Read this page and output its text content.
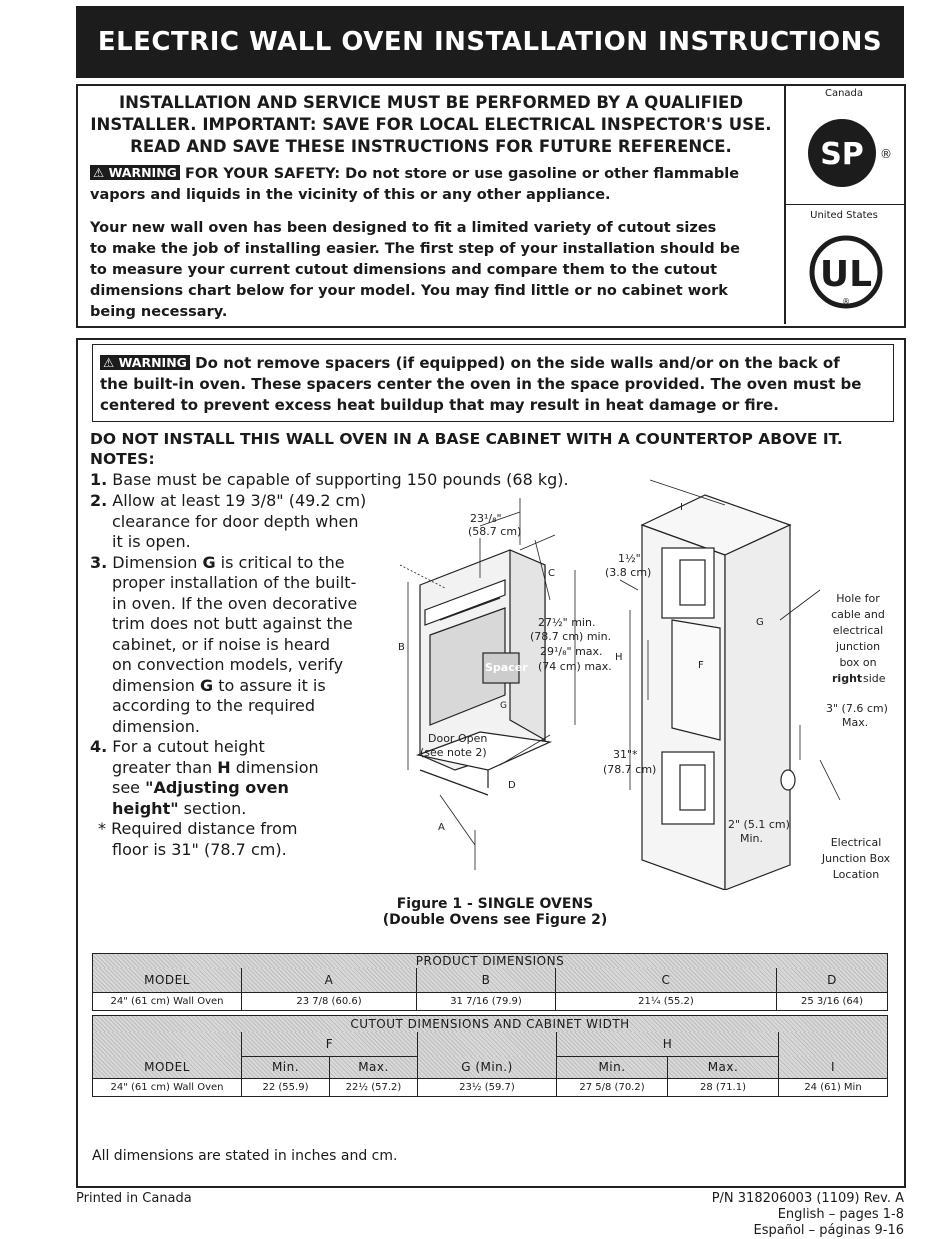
ELECTRIC WALL OVEN INSTALLATION INSTRUCTIONS
INSTALLATION AND SERVICE MUST BE PERFORMED BY A QUALIFIED
INSTALLER. IMPORTANT: SAVE FOR LOCAL ELECTRICAL INSPECTOR'S USE.
READ AND SAVE THESE INSTRUCTIONS FOR FUTURE REFERENCE.
⚠ WARNING FOR YOUR SAFETY: Do not store or use gasoline or other flammable
vapors and liquids in the vicinity of this or any other appliance.
Your new wall oven has been designed to fit a limited variety of cutout sizes
to make the job of installing easier. The first step of your installation should be
to measure your current cutout dimensions and compare them to the cutout
dimensions chart below for your model. You may find little or no cabinet work
being necessary.
Canada
SP ®
United States
UL
®
⚠ WARNING Do not remove spacers (if equipped) on the side walls and/or on the back of
the built-in oven. These spacers center the oven in the space provided. The oven must be
centered to prevent excess heat buildup that may result in heat damage or fire.
DO NOT INSTALL THIS WALL OVEN IN A BASE CABINET WITH A COUNTERTOP ABOVE IT.
NOTES:
1. Base must be capable of supporting 150 pounds (68 kg).
2. Allow at least 19 3/8" (49.2 cm)
clearance for door depth when
it is open.
3. Dimension G is critical to the
proper installation of the built-
in oven. If the oven decorative
trim does not butt against the
cabinet, or if noise is heard
on convection models, verify
dimension G to assure it is
according to the required
dimension.
4. For a cutout height
greater than H dimension
see "Adjusting oven
height" section.
* Required distance from
floor is 31" (78.7 cm).
23¹/₈"
(58.7 cm)
C
B
Spacer
G
27½" min.
(78.7 cm) min.
29¹/₈" max.
(74 cm) max.
H
1½"
(3.8 cm)
I
G
F
Door Open
(see note 2)
D
A
31"*
(78.7 cm)
2" (5.1 cm)
Min.
Hole for
cable and
electrical
junction
box on
right side
3" (7.6 cm)
Max.
Electrical
Junction Box
Location
Figure 1 - SINGLE OVENS
(Double Ovens see Figure 2)
PRODUCT DIMENSIONS				
MODEL	A	B	C	D
24" (61 cm) Wall Oven	23 7/8 (60.6)	31 7/16 (79.9)	21¼ (55.2)	25 3/16 (64)
CUTOUT DIMENSIONS AND CABINET WIDTH						
	F			H		
MODEL	Min.	Max.	G (Min.)	Min.	Max.	I
24" (61 cm) Wall Oven	22 (55.9)	22½ (57.2)	23½ (59.7)	27 5/8 (70.2)	28 (71.1)	24 (61) Min
All dimensions are stated in inches and cm.
Printed in Canada	P/N 318206003 (1109) Rev. A
English – pages 1-8
Español – páginas 9-16
